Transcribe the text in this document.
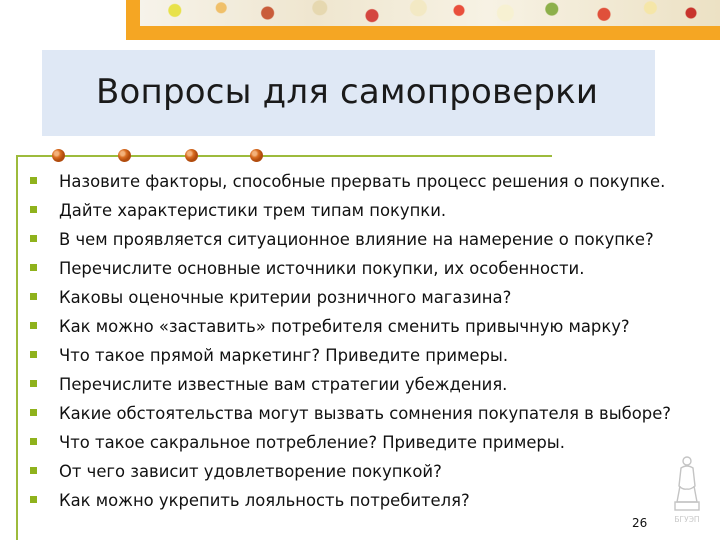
Вопросы для самопроверки
Назовите факторы, способные прервать процесс решения о покупке.
Дайте характеристики трем типам покупки.
В чем проявляется ситуационное влияние на намерение о покупке?
Перечислите основные источники покупки, их особенности.
Каковы оценочные критерии розничного магазина?
Как можно «заставить» потребителя сменить привычную марку?
Что такое прямой маркетинг? Приведите примеры.
Перечислите известные вам стратегии убеждения.
Какие обстоятельства могут вызвать сомнения покупателя в выборе?
Что такое сакральное потребление? Приведите примеры.
От чего зависит удовлетворение покупкой?
Как можно укрепить лояльность потребителя?
БГУЭП
26
